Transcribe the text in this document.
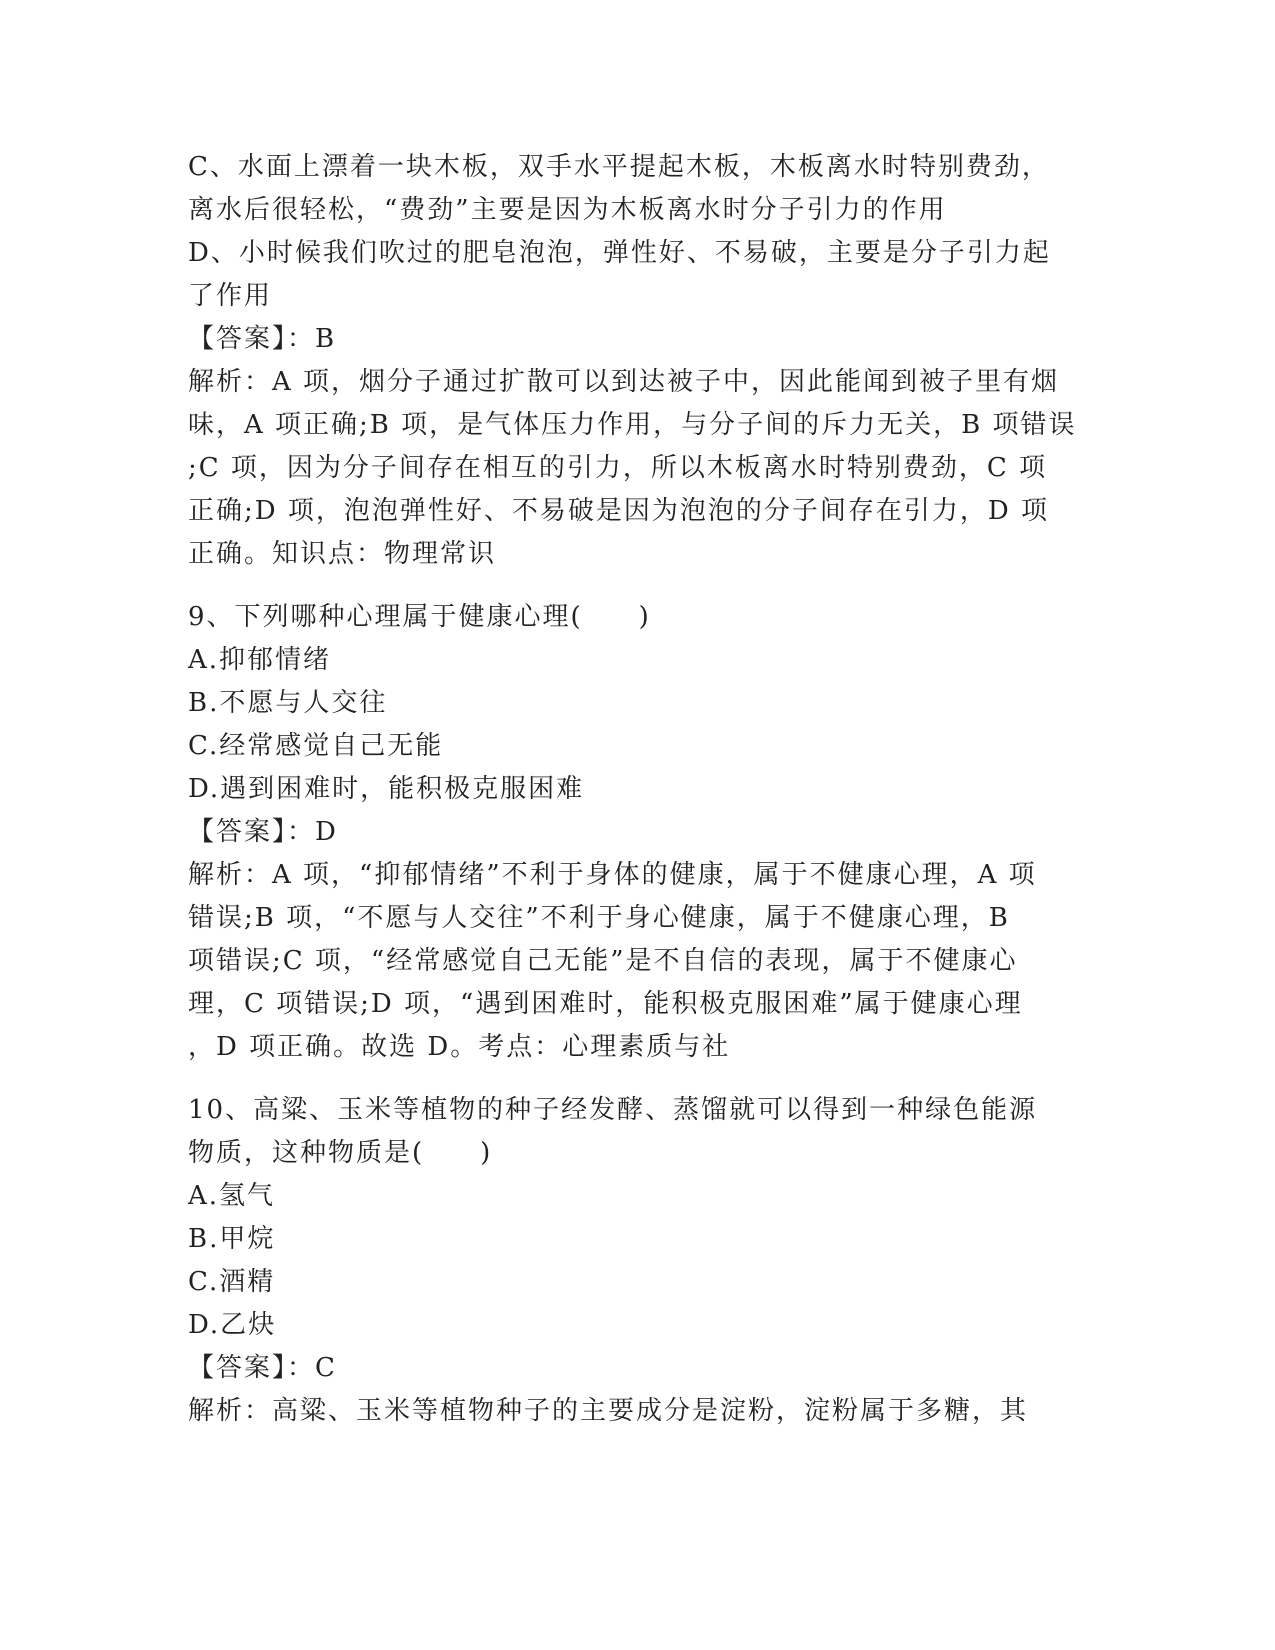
C、水面上漂着一块木板，双手水平提起木板，木板离水时特别费劲，
离水后很轻松，“费劲”主要是因为木板离水时分子引力的作用
D、小时候我们吹过的肥皂泡泡，弹性好、不易破，主要是分子引力起
了作用
【答案】：B
解析：A 项，烟分子通过扩散可以到达被子中，因此能闻到被子里有烟
味，A 项正确;B 项，是气体压力作用，与分子间的斥力无关，B 项错误
;C 项，因为分子间存在相互的引力，所以木板离水时特别费劲，C 项
正确;D 项，泡泡弹性好、不易破是因为泡泡的分子间存在引力，D 项
正确。知识点：物理常识
9、下列哪种心理属于健康心理(　　)
A.抑郁情绪
B.不愿与人交往
C.经常感觉自己无能
D.遇到困难时，能积极克服困难
【答案】：D
解析：A 项，“抑郁情绪”不利于身体的健康，属于不健康心理，A 项
错误;B 项，“不愿与人交往”不利于身心健康，属于不健康心理，B
项错误;C 项，“经常感觉自己无能”是不自信的表现，属于不健康心
理，C 项错误;D 项，“遇到困难时，能积极克服困难”属于健康心理
，D 项正确。故选 D。考点：心理素质与社
10、高粱、玉米等植物的种子经发酵、蒸馏就可以得到一种绿色能源
物质，这种物质是(　　)
A.氢气
B.甲烷
C.酒精
D.乙炔
【答案】：C
解析：高粱、玉米等植物种子的主要成分是淀粉，淀粉属于多糖，其
